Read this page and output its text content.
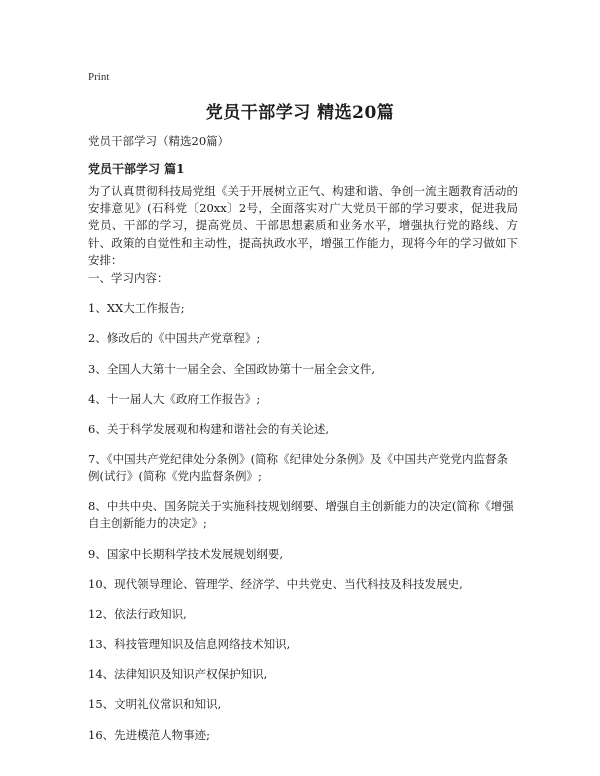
Print
党员干部学习 精选20篇
党员干部学习（精选20篇）
党员干部学习 篇1
为了认真贯彻科技局党组《关于开展树立正气、构建和谐、争创一流主题教育活动的安排意见》(石科党〔20xx〕2号，全面落实对广大党员干部的学习要求，促进我局党员、干部的学习，提高党员、干部思想素质和业务水平，增强执行党的路线、方针、政策的自觉性和主动性，提高执政水平，增强工作能力，现将今年的学习做如下安排：
一、学习内容：
1、XX大工作报告;
2、修改后的《中国共产党章程》;
3、全国人大第十一届全会、全国政协第十一届全会文件,
4、十一届人大《政府工作报告》;
6、关于科学发展观和构建和谐社会的有关论述,
7、《中国共产党纪律处分条例》(简称《纪律处分条例》及《中国共产党党内监督条例(试行》(简称《党内监督条例》;
8、中共中央、国务院关于实施科技规划纲要、增强自主创新能力的决定(简称《增强自主创新能力的决定》;
9、国家中长期科学技术发展规划纲要,
10、现代领导理论、管理学、经济学、中共党史、当代科技及科技发展史,
12、依法行政知识,
13、科技管理知识及信息网络技术知识,
14、法律知识及知识产权保护知识,
15、文明礼仪常识和知识,
16、先进模范人物事迹;
